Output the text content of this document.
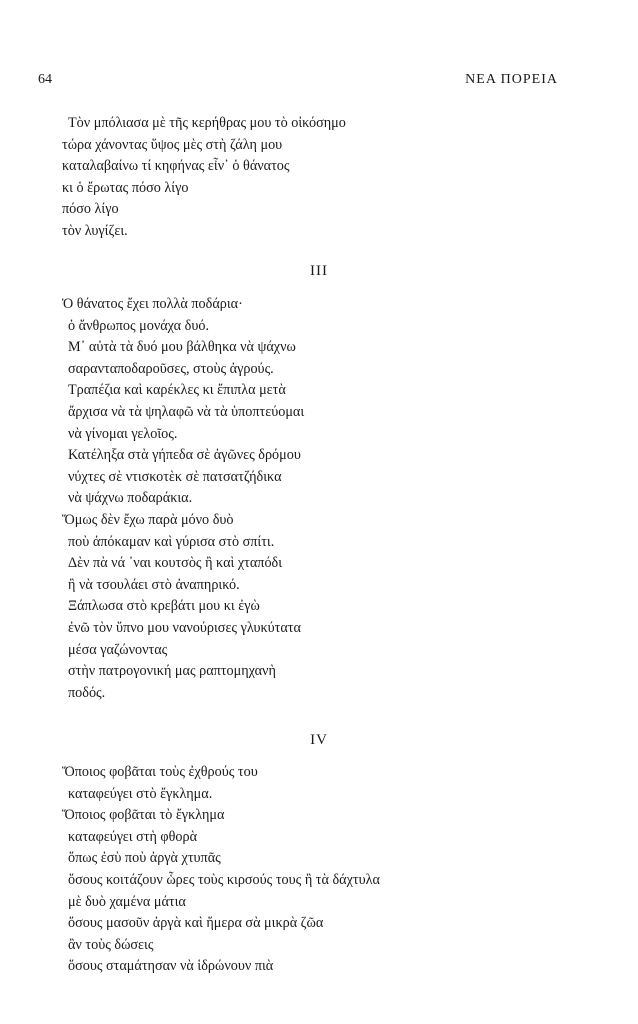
64	ΝΕΑ ΠΟΡΕΙΑ
Τὸν μπόλιασα μὲ τῆς κερήθρας μου τὸ οἰκόσημο
τώρα χάνοντας ὕψος μὲς στὴ ζάλη μου
καταλαβαίνω τί κηφήνας εἶν᾿ ὁ θάνατος
κι ὁ ἔρωτας πόσο λίγο
πόσο λίγο
τὸν λυγίζει.
III
Ὁ θάνατος ἔχει πολλὰ ποδάρια·
ὁ ἄνθρωπος μονάχα δυό.
Μ᾿ αὐτὰ τὰ δυό μου βάλθηκα νὰ ψάχνω
σαρανταποδαροῦσες, στοὺς ἀγρούς.
Τραπέζια καὶ καρέκλες κι ἔπιπλα μετὰ
ἄρχισα νὰ τὰ ψηλαφῶ νὰ τὰ ὑποπτεύομαι
νὰ γίνομαι γελοῖος.
Κατέληξα στὰ γήπεδα σὲ ἀγῶνες δρόμου
νύχτες σὲ ντισκοτὲκ σὲ πατσατζήδικα
νὰ ψάχνω ποδαράκια.
Ὅμως δὲν ἔχω παρὰ μόνο δυὸ
ποὺ ἀπόκαμαν καὶ γύρισα στὸ σπίτι.
Δὲν πὰ νά ᾿ναι κουτσὸς ἢ καὶ χταπόδι
ἢ νὰ τσουλάει στὸ ἀναπηρικό.
Ξάπλωσα στὸ κρεβάτι μου κι ἐγὼ
ἐνῶ τὸν ὕπνο μου νανούρισες γλυκύτατα
μέσα γαζώνοντας
στὴν πατρογονική μας ραπτομηχανὴ
ποδός.
IV
Ὅποιος φοβᾶται τοὺς ἐχθρούς του
καταφεύγει στὸ ἔγκλημα.
Ὅποιος φοβᾶται τὸ ἔγκλημα
καταφεύγει στὴ φθορὰ
ὅπως ἐσὺ ποὺ ἀργὰ χτυπᾶς
ὅσους κοιτάζουν ὧρες τοὺς κιρσούς τους ἢ τὰ δάχτυλα
μὲ δυὸ χαμένα μάτια
ὅσους μασοῦν ἀργὰ καὶ ἥμερα σὰ μικρὰ ζῶα
ἂν τοὺς δώσεις
ὅσους σταμάτησαν νὰ ἱδρώνουν πιὰ
